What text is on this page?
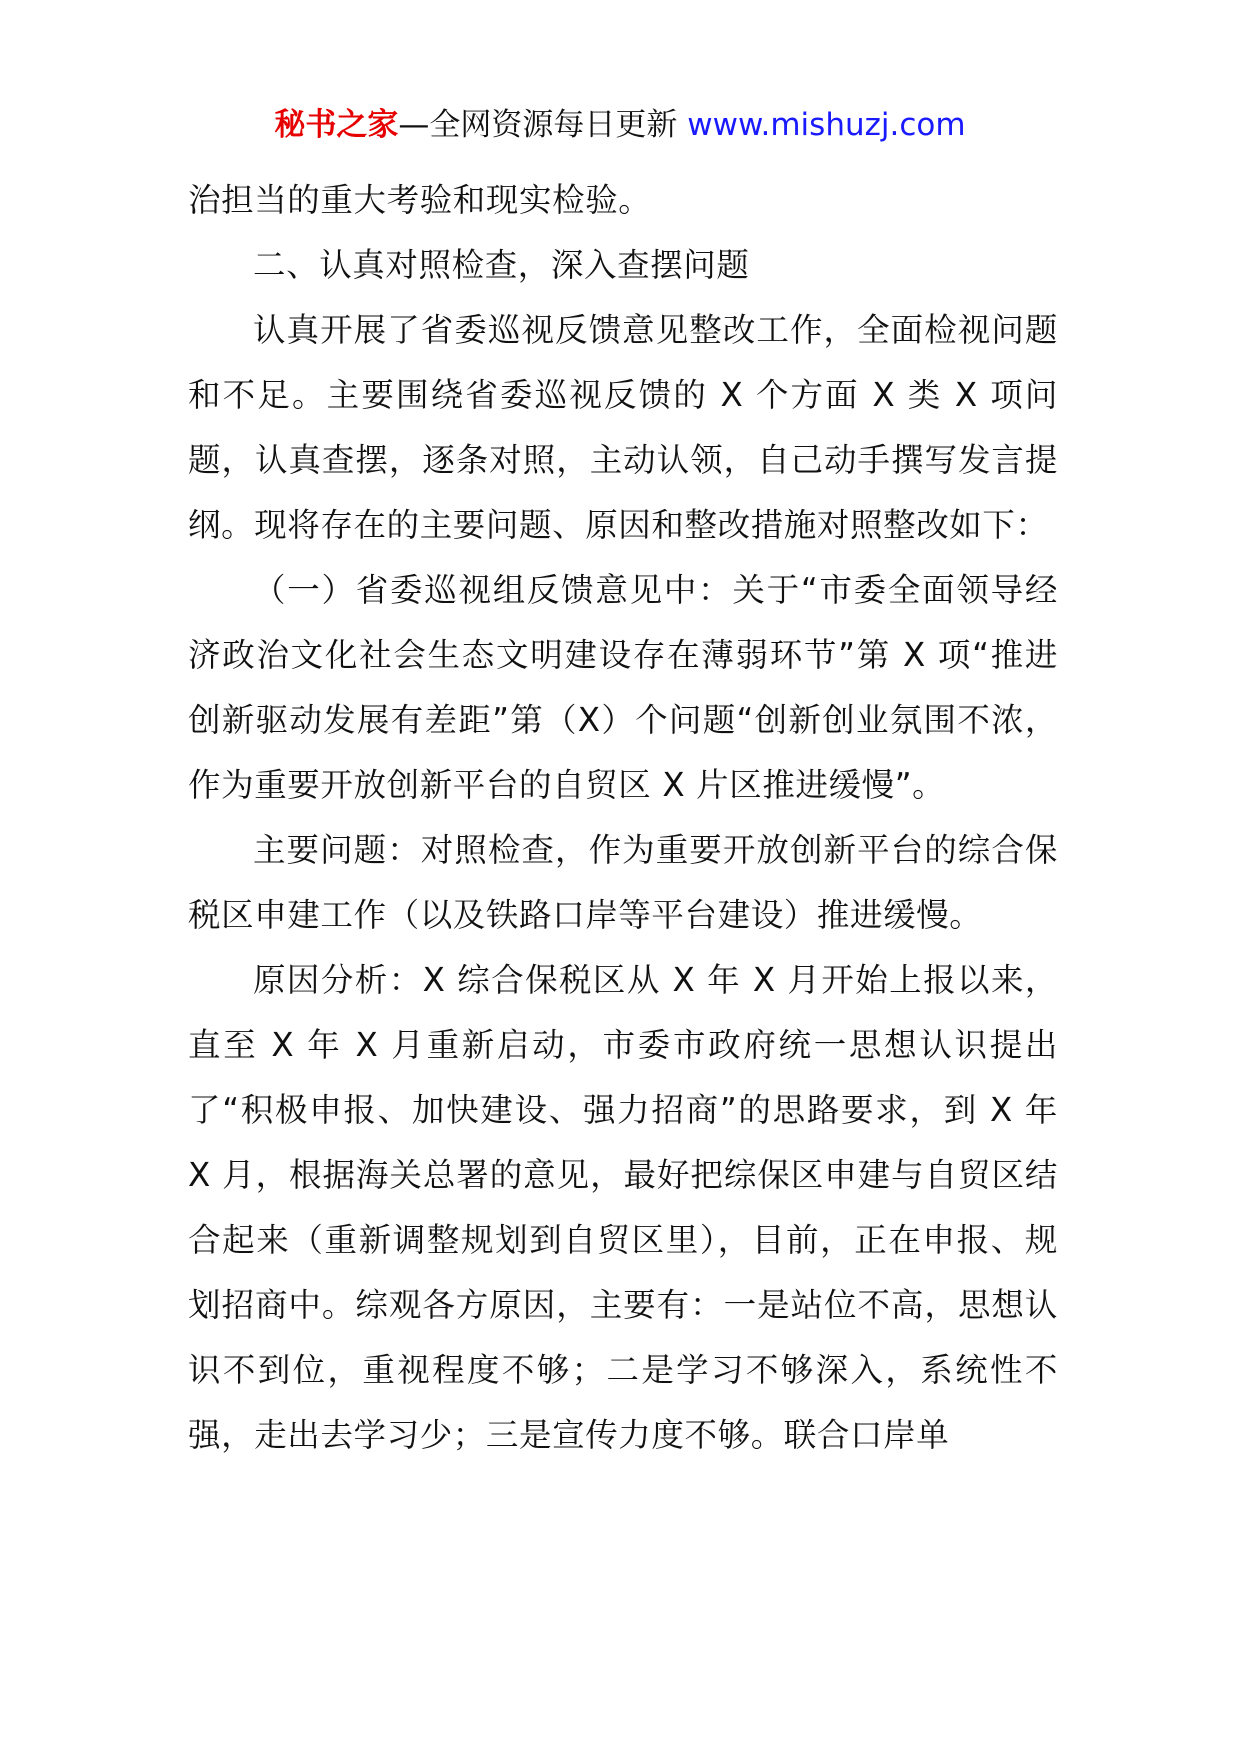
秘书之家—全网资源每日更新 www.mishuzj.com

治担当的重大考验和现实检验。

二、认真对照检查，深入查摆问题

认真开展了省委巡视反馈意见整改工作，全面检视问题和不足。主要围绕省委巡视反馈的 X 个方面 X 类 X 项问题，认真查摆，逐条对照，主动认领，自己动手撰写发言提纲。现将存在的主要问题、原因和整改措施对照整改如下：

（一）省委巡视组反馈意见中：关于“市委全面领导经济政治文化社会生态文明建设存在薄弱环节”第 X 项“推进创新驱动发展有差距”第（X）个问题“创新创业氛围不浓，作为重要开放创新平台的自贸区 X 片区推进缓慢”。

主要问题：对照检查，作为重要开放创新平台的综合保税区申建工作（以及铁路口岸等平台建设）推进缓慢。

原因分析：X 综合保税区从 X 年 X 月开始上报以来，直至 X 年 X 月重新启动，市委市政府统一思想认识提出了“积极申报、加快建设、强力招商”的思路要求，到 X 年 X 月，根据海关总署的意见，最好把综保区申建与自贸区结合起来（重新调整规划到自贸区里），目前，正在申报、规划招商中。综观各方原因，主要有：一是站位不高，思想认识不到位，重视程度不够；二是学习不够深入，系统性不强，走出去学习少；三是宣传力度不够。联合口岸单
